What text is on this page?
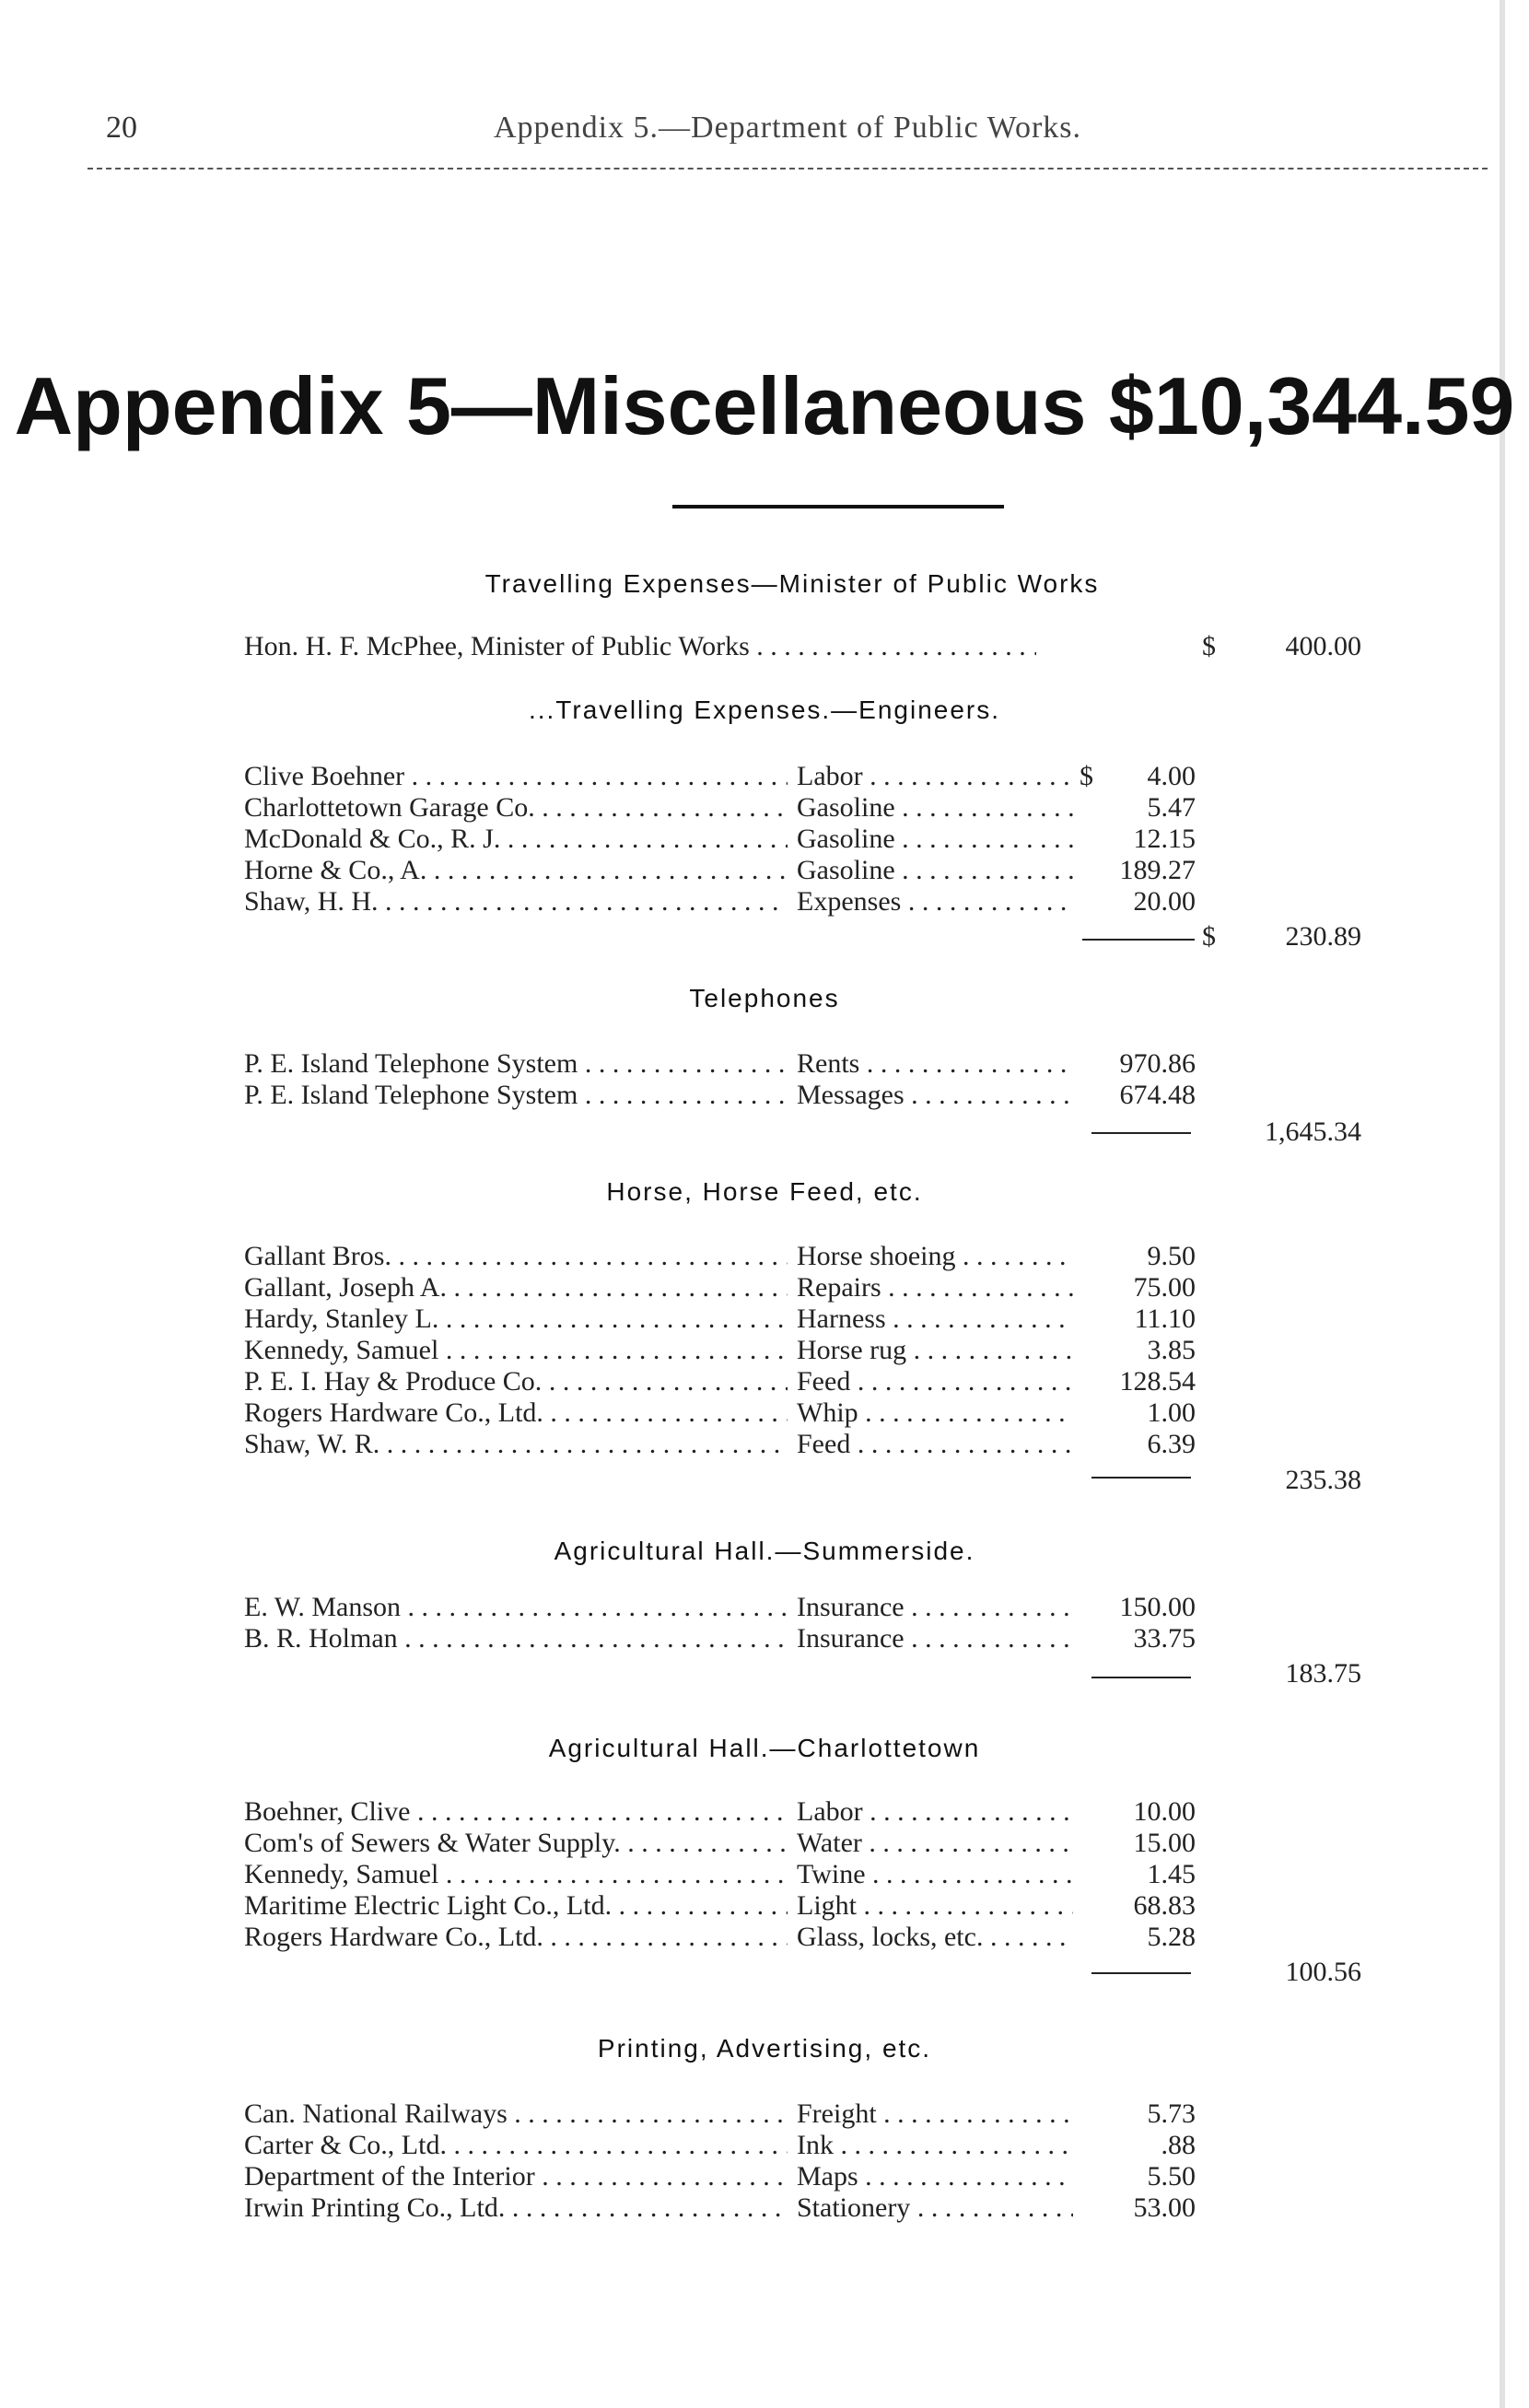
20	Appendix 5.—Department of Public Works.
Appendix 5—Miscellaneous $10,344.59
Travelling Expenses—Minister of Public Works
Hon. H. F. McPhee, Minister of Public Works . . .	$	400.00
...Travelling Expenses.—Engineers.
Clive Boehner . . .	Labor . . .	$	4.00
Charlottetown Garage Co. . . .	Gasoline . . .	5.47
McDonald & Co., R. J. . . .	Gasoline . . .	12.15
Horne & Co., A. . . .	Gasoline . . .	189.27
Shaw, H. H. . . .	Expenses . . .	20.00
$	230.89
Telephones
P. E. Island Telephone System . . .	Rents . . .	970.86
P. E. Island Telephone System . . .	Messages . . .	674.48
1,645.34
Horse, Horse Feed, etc.
Gallant Bros. . . .	Horse shoeing . . .	9.50
Gallant, Joseph A. . . .	Repairs . . .	75.00
Hardy, Stanley L. . . .	Harness . . .	11.10
Kennedy, Samuel . . .	Horse rug . . .	3.85
P. E. I. Hay & Produce Co. . . .	Feed . . .	128.54
Rogers Hardware Co., Ltd. . . .	Whip . . .	1.00
Shaw, W. R. . . .	Feed . . .	6.39
235.38
Agricultural Hall.—Summerside.
E. W. Manson . . .	Insurance . . .	150.00
B. R. Holman . . .	Insurance . . .	33.75
183.75
Agricultural Hall.—Charlottetown
Boehner, Clive . . .	Labor . . .	10.00
Com's of Sewers & Water Supply. . . .	Water . . .	15.00
Kennedy, Samuel . . .	Twine . . .	1.45
Maritime Electric Light Co., Ltd. . . .	Light . . .	68.83
Rogers Hardware Co., Ltd. . . .	Glass, locks, etc. . . .	5.28
100.56
Printing, Advertising, etc.
Can. National Railways . . .	Freight . . .	5.73
Carter & Co., Ltd. . . .	Ink . . .	.88
Department of the Interior . . .	Maps . . .	5.50
Irwin Printing Co., Ltd. . . .	Stationery . . .	53.00
